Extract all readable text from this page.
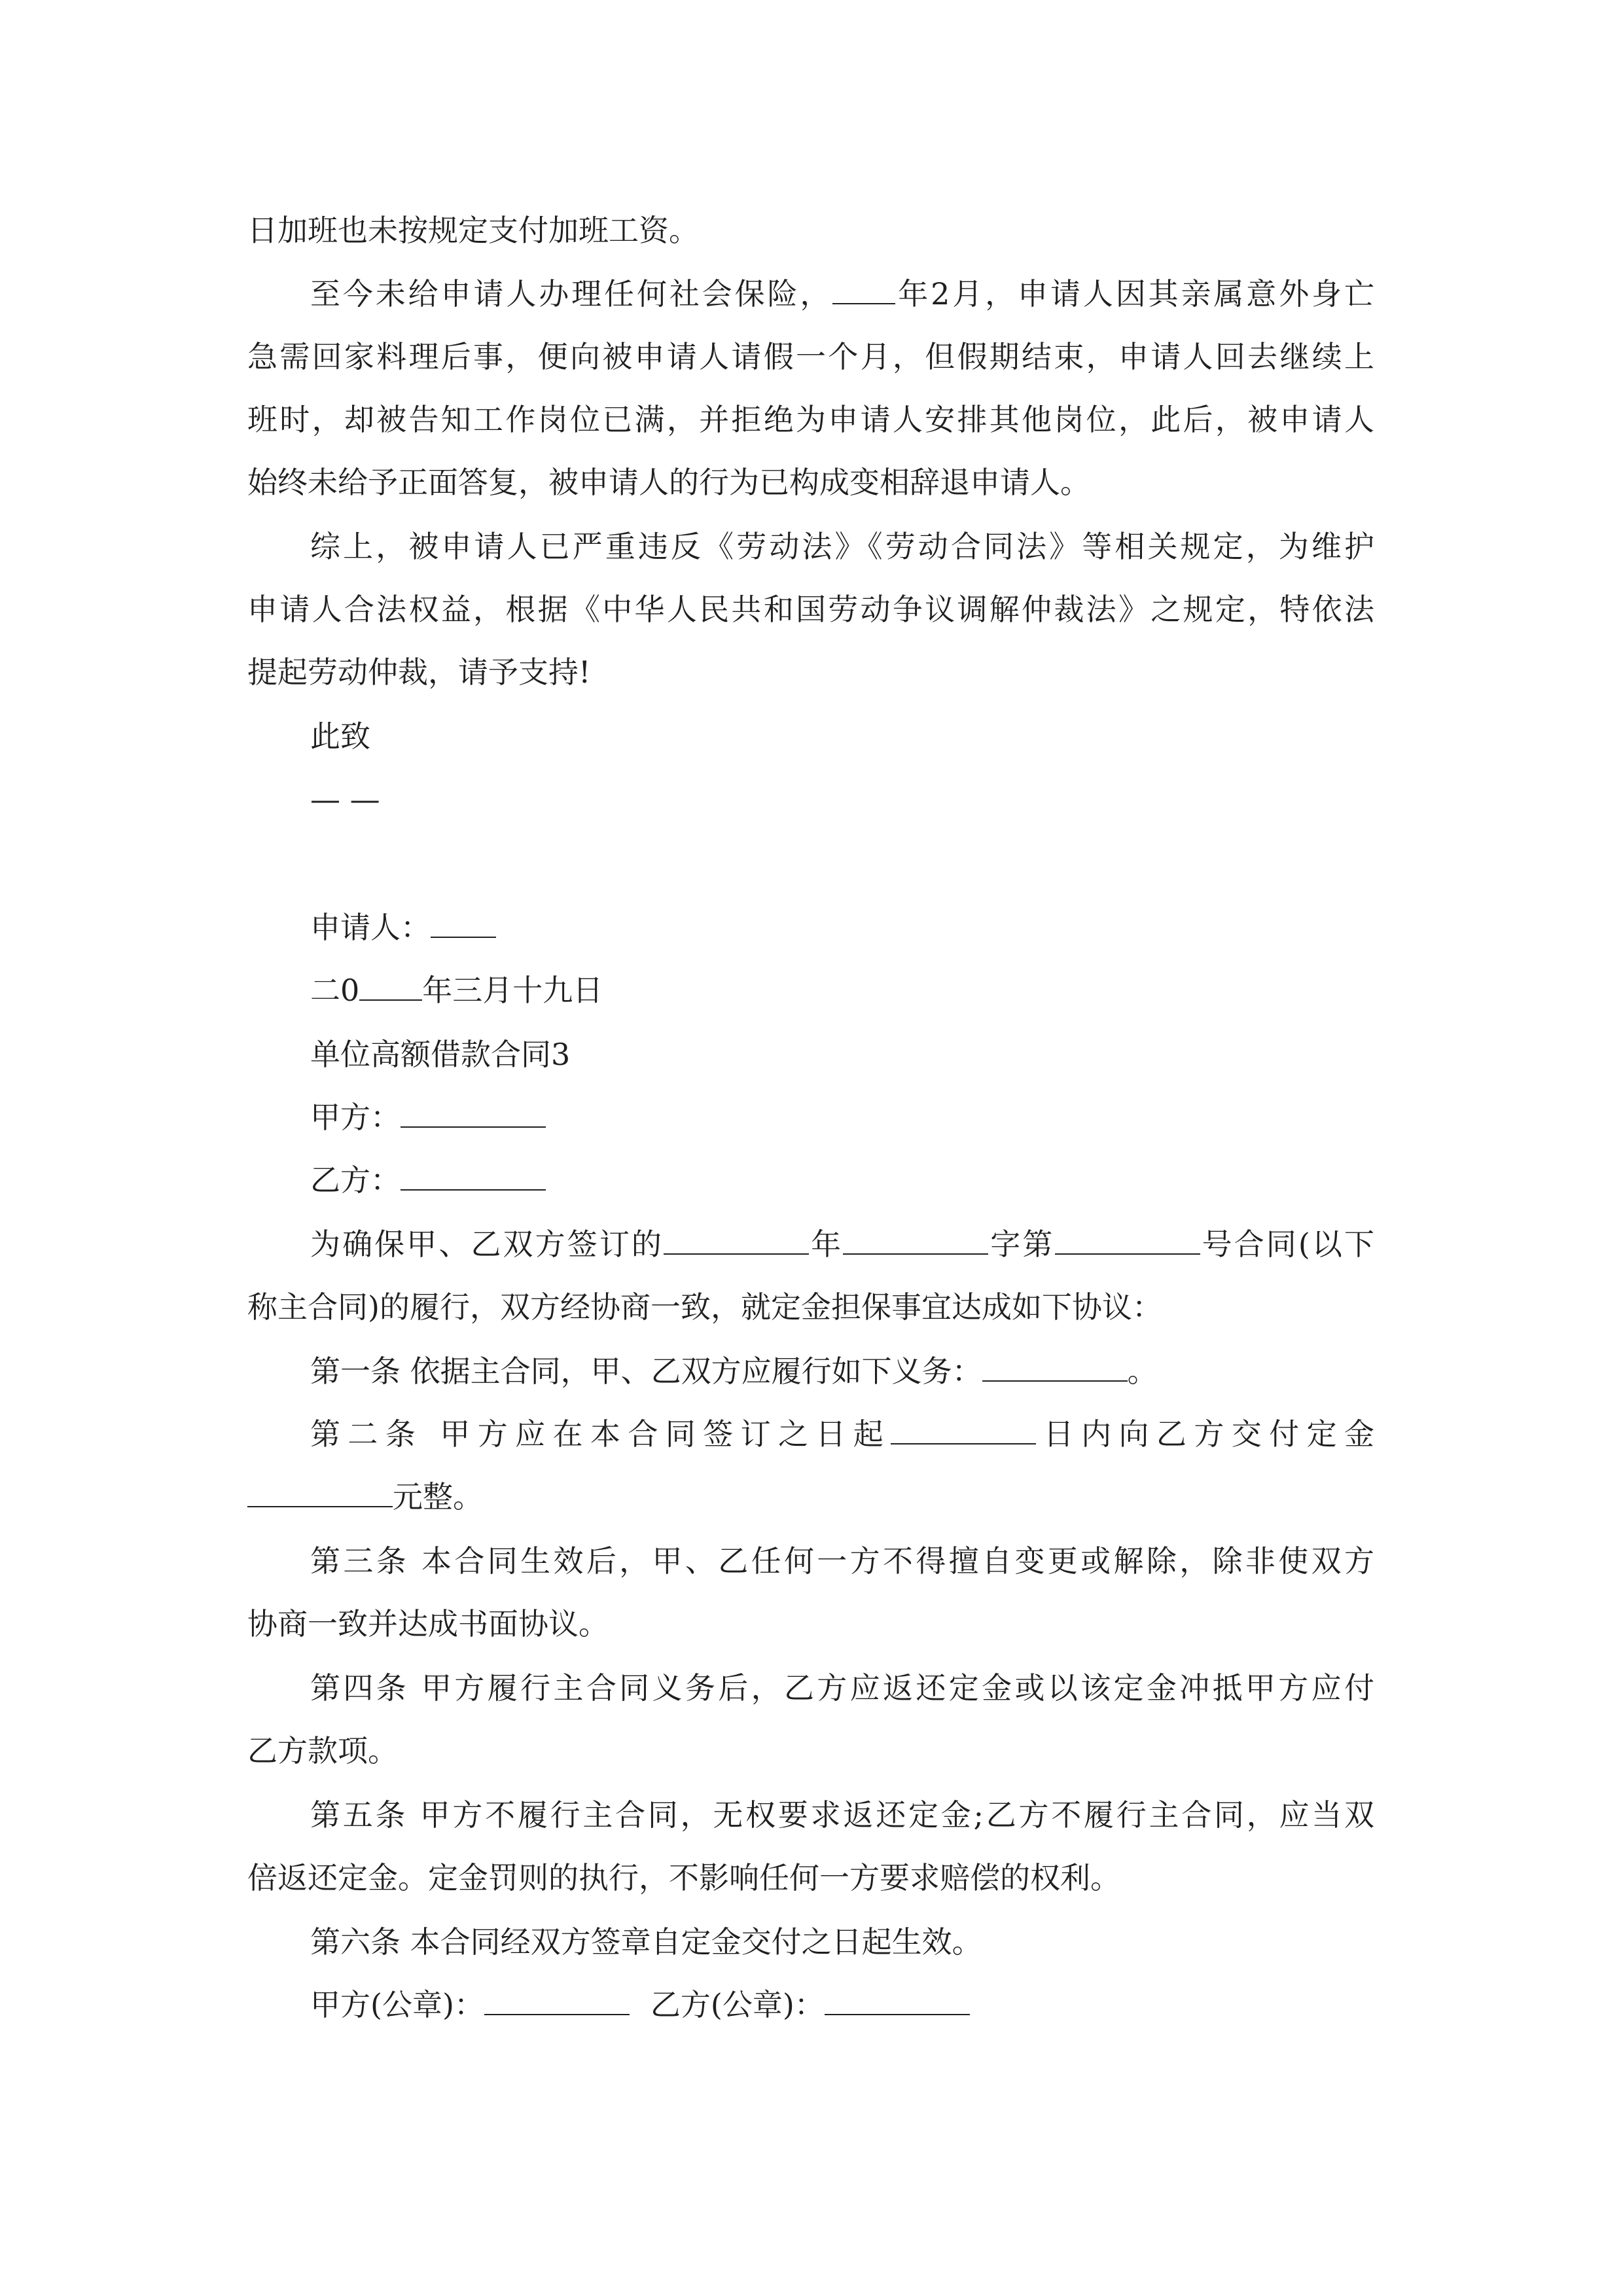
日加班也未按规定支付加班工资。
至今未给申请人办理任何社会保险， 年2月，申请人因其亲属意外身亡
急需回家料理后事，便向被申请人请假一个月，但假期结束，申请人回去继续上
班时，却被告知工作岗位已满，并拒绝为申请人安排其他岗位，此后，被申请人
始终未给予正面答复，被申请人的行为已构成变相辞退申请人。
综上，被申请人已严重违反《劳动法》《劳动合同法》等相关规定，为维护
申请人合法权益，根据《中华人民共和国劳动争议调解仲裁法》之规定，特依法
提起劳动仲裁，请予支持!
此致
— —
申请人：
二0 年三月十九日
单位高额借款合同3
甲方：
乙方：
为确保甲、乙双方签订的	年	字第	号合同(以下
称主合同)的履行，双方经协商一致，就定金担保事宜达成如下协议：
第一条 依据主合同，甲、乙双方应履行如下义务：	。
第二条 甲方应在本合同签订之日起	日内向乙方交付定金
元整。
第三条 本合同生效后，甲、乙任何一方不得擅自变更或解除，除非使双方
协商一致并达成书面协议。
第四条 甲方履行主合同义务后，乙方应返还定金或以该定金冲抵甲方应付
乙方款项。
第五条 甲方不履行主合同，无权要求返还定金;乙方不履行主合同，应当双
倍返还定金。定金罚则的执行，不影响任何一方要求赔偿的权利。
第六条 本合同经双方签章自定金交付之日起生效。
甲方(公章)：	乙方(公章)：
